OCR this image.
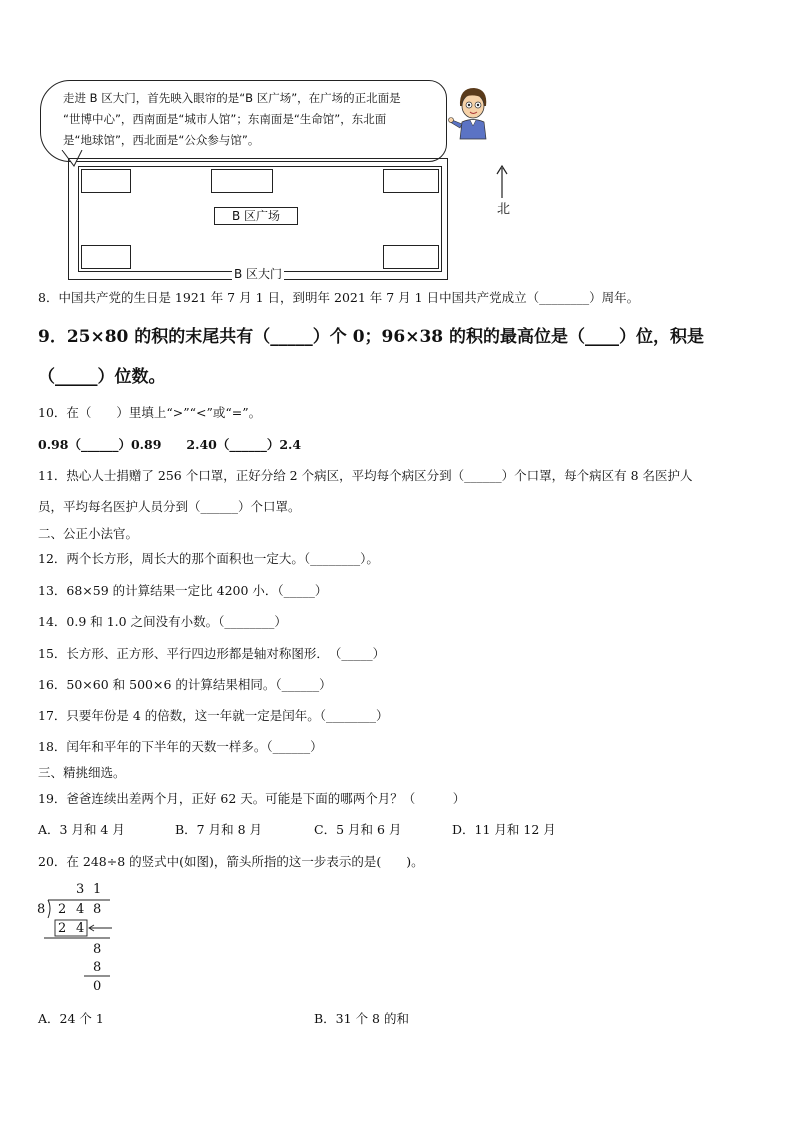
走进 B 区大门，首先映入眼帘的是“B 区广场”，在广场的正北面是
“世博中心”，西南面是“城市人馆”；东南面是“生命馆”，东北面
是“地球馆”，西北面是“公众参与馆”。
北
B 区广场
B 区大门
8．中国共产党的生日是 1921 年 7 月 1 日，到明年 2021 年 7 月 1 日中国共产党成立（________）周年。
9．25×80 的积的末尾共有（_____）个 0；96×38 的积的最高位是（____）位，积是
（_____）位数。
10．在（　　）里填上“>”“<”或“=”。
0.98（______）0.89　　2.40（______）2.4
11．热心人士捐赠了 256 个口罩，正好分给 2 个病区，平均每个病区分到（______）个口罩，每个病区有 8 名医护人
员，平均每名医护人员分到（______）个口罩。
二、公正小法官。
12．两个长方形，周长大的那个面积也一定大。（________）。
13．68×59 的计算结果一定比 4200 小．（_____）
14．0.9 和 1.0 之间没有小数。（________）
15．长方形、正方形、平行四边形都是轴对称图形．　（_____）
16．50×60 和 500×6 的计算结果相同。（______）
17．只要年份是 4 的倍数，这一年就一定是闰年。（________）
18．闰年和平年的下半年的天数一样多。（______）
三、精挑细选。
19．爸爸连续出差两个月，正好 62 天。可能是下面的哪两个月？（　　　）
A．3 月和 4 月	B．7 月和 8 月	C．5 月和 6 月	D．11 月和 12 月
20．在 248÷8 的竖式中(如图)，箭头所指的这一步表示的是(　　)。
3 1
8 2 4 8
2 4
8
8
0
A．24 个 1	B．31 个 8 的和
